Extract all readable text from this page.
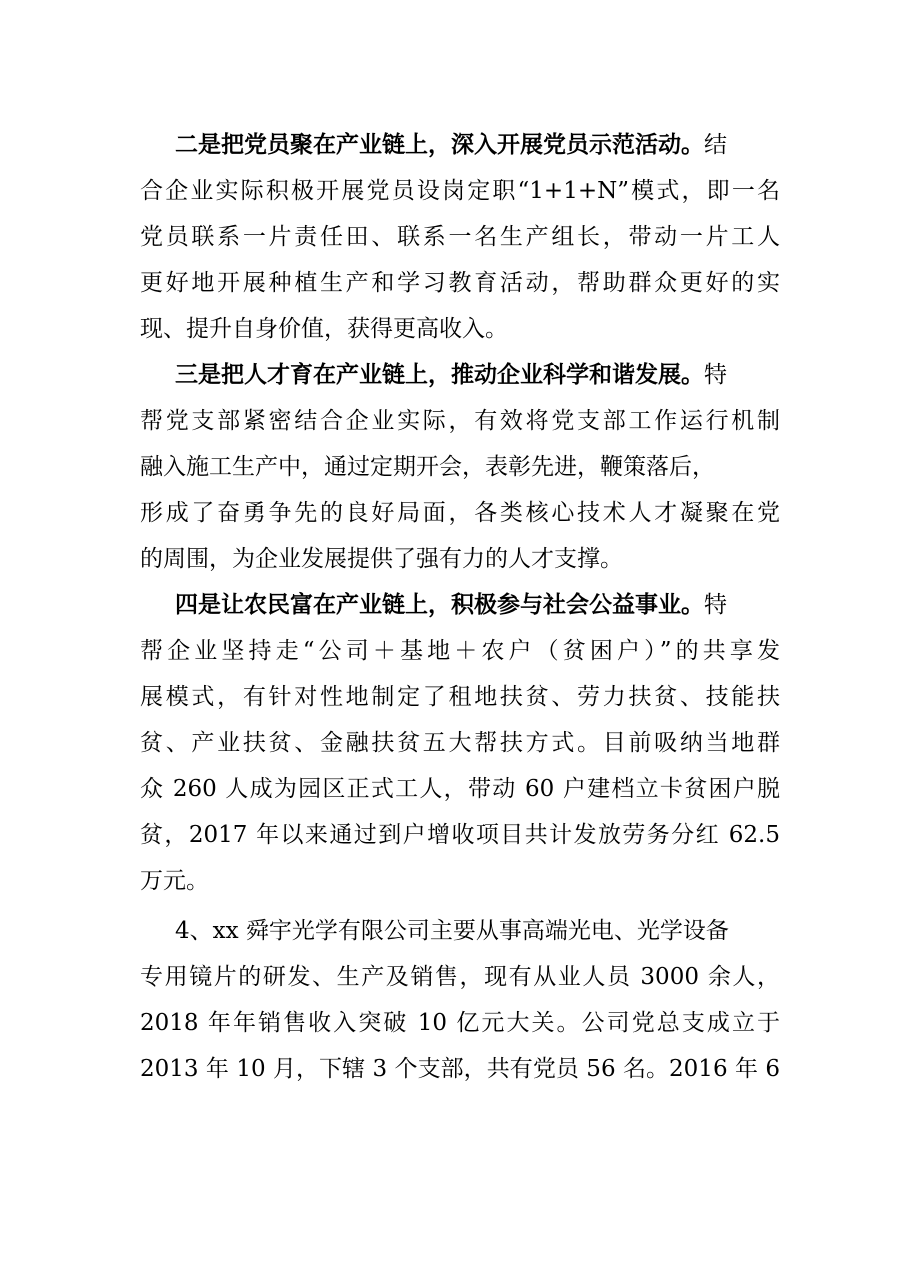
二是把党员聚在产业链上，深入开展党员示范活动。结
合企业实际积极开展党员设岗定职“1+1+N”模式，即一名
党员联系一片责任田、联系一名生产组长，带动一片工人
更好地开展种植生产和学习教育活动，帮助群众更好的实
现、提升自身价值，获得更高收入。
三是把人才育在产业链上，推动企业科学和谐发展。特
帮党支部紧密结合企业实际，有效将党支部工作运行机制
融入施工生产中，通过定期开会，表彰先进，鞭策落后，
形成了奋勇争先的良好局面，各类核心技术人才凝聚在党
的周围，为企业发展提供了强有力的人才支撑。
四是让农民富在产业链上，积极参与社会公益事业。特
帮企业坚持走“公司＋基地＋农户（贫困户）”的共享发
展模式，有针对性地制定了租地扶贫、劳力扶贫、技能扶
贫、产业扶贫、金融扶贫五大帮扶方式。目前吸纳当地群
众 260 人成为园区正式工人，带动 60 户建档立卡贫困户脱
贫，2017 年以来通过到户增收项目共计发放劳务分红 62.5
万元。
4、xx 舜宇光学有限公司主要从事高端光电、光学设备
专用镜片的研发、生产及销售，现有从业人员 3000 余人，
2018 年年销售收入突破 10 亿元大关。公司党总支成立于
2013 年 10 月，下辖 3 个支部，共有党员 56 名。2016 年 6
